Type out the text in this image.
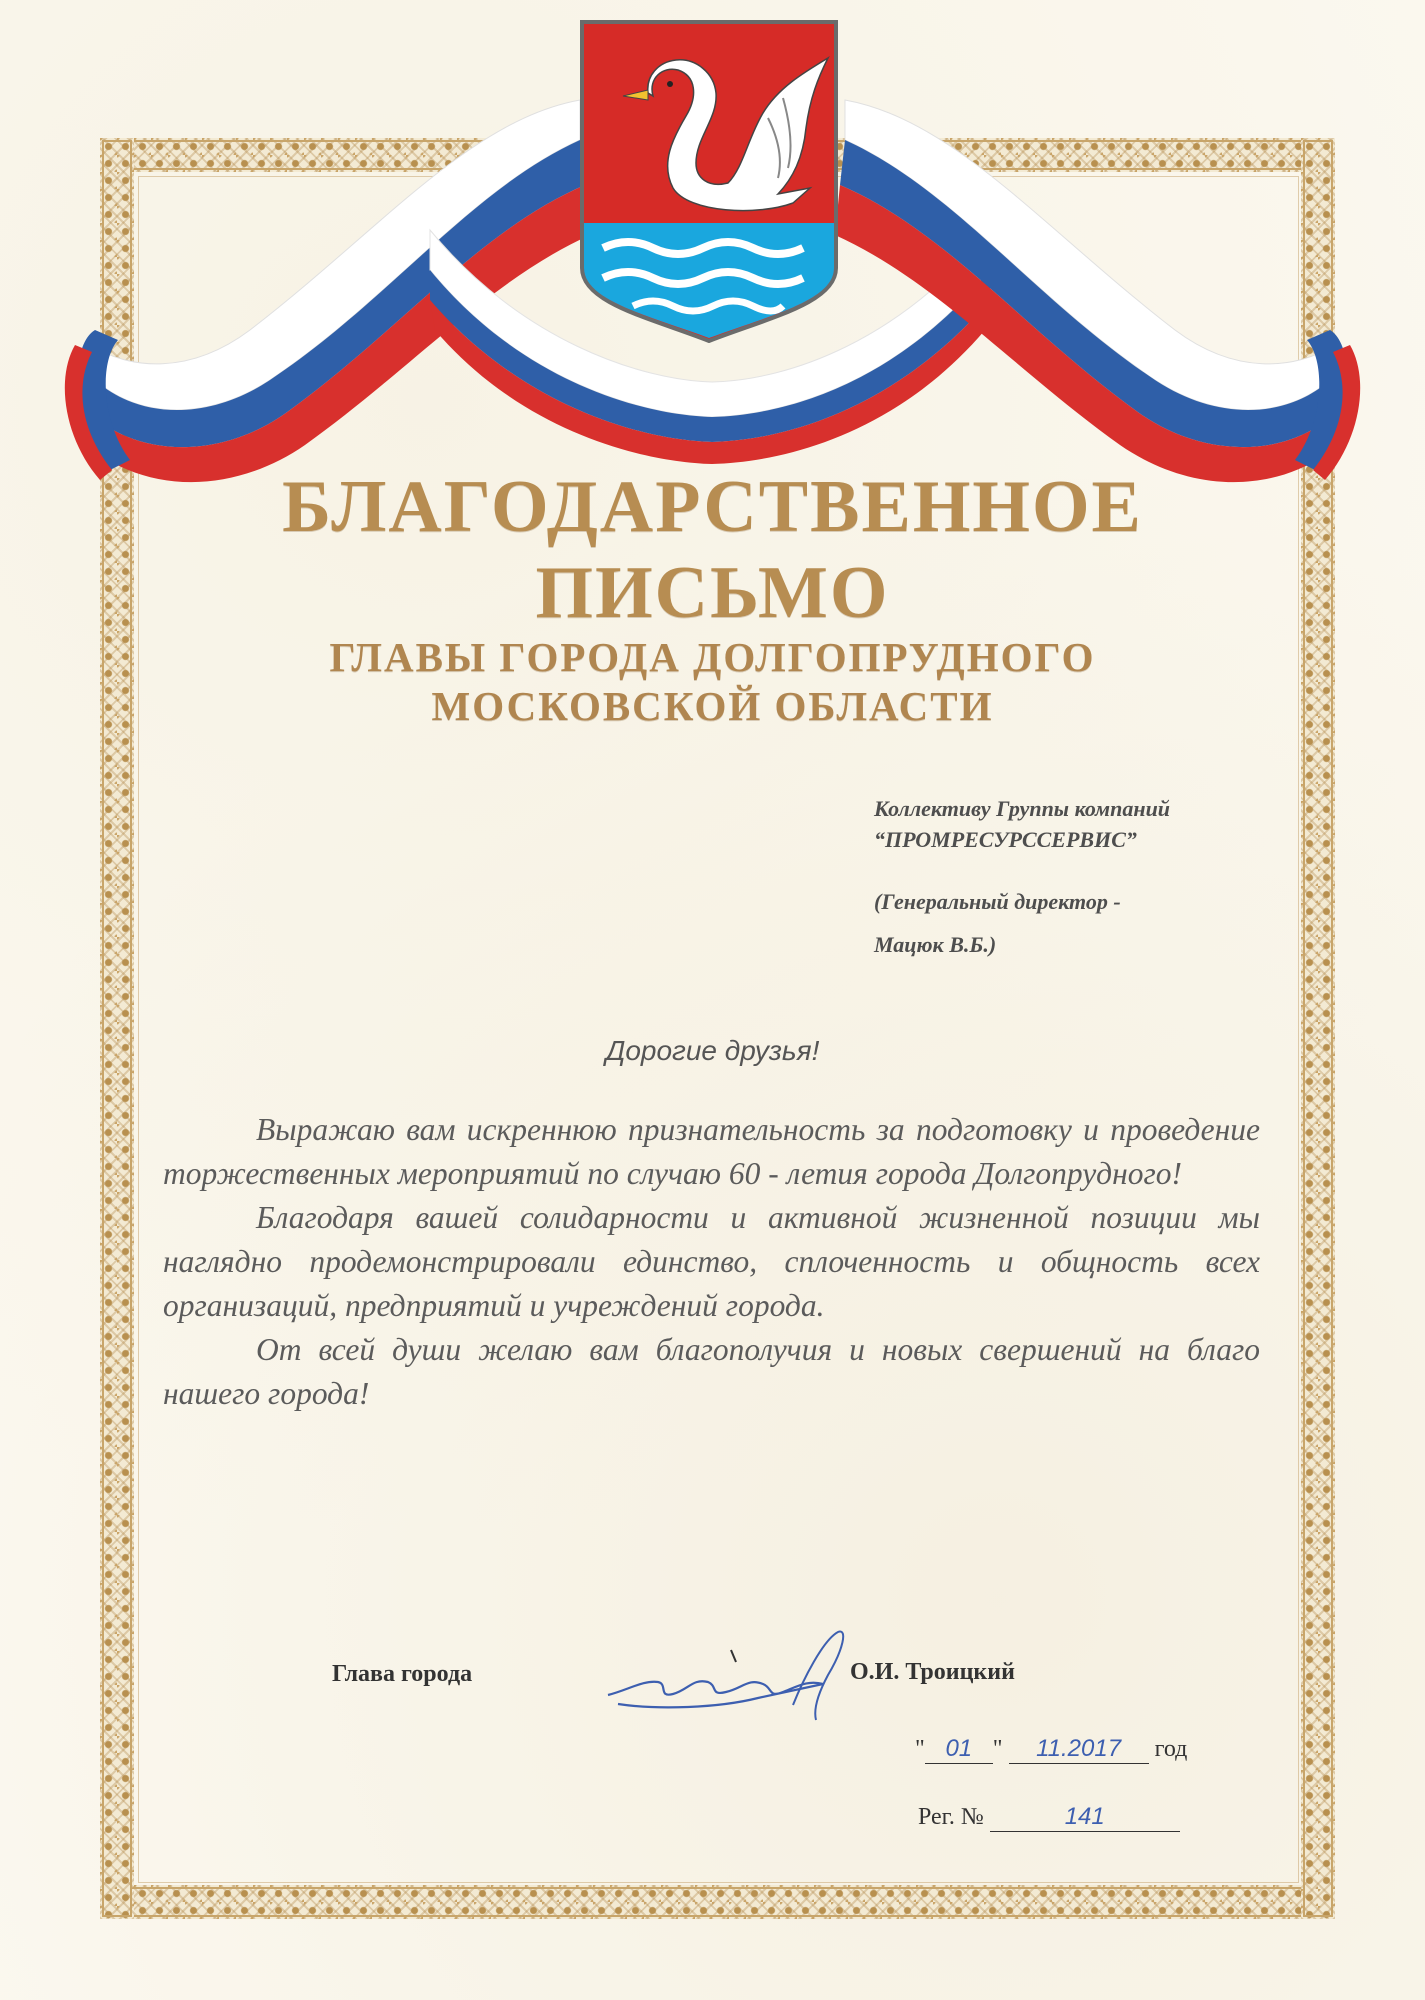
БЛАГОДАРСТВЕННОЕ
ПИСЬМО
ГЛАВЫ ГОРОДА ДОЛГОПРУДНОГО
МОСКОВСКОЙ ОБЛАСТИ
Коллективу Группы компаний
“ПРОМРЕСУРССЕРВИС”
(Генеральный директор -
Мацюк В.Б.)
Дорогие друзья!

Выражаю вам искреннюю признательность за подготовку и проведение торжественных мероприятий по случаю 60 - летия города Долгопрудного!

Благодаря вашей солидарности и активной жизненной позиции мы наглядно продемонстрировали единство, сплоченность и общность всех организаций, предприятий и учреждений города.

От всей души желаю вам благополучия и новых свершений на благо нашего города!

Глава города	О.И. Троицкий
" 01 " 11.2017 год
Рег. №	141
